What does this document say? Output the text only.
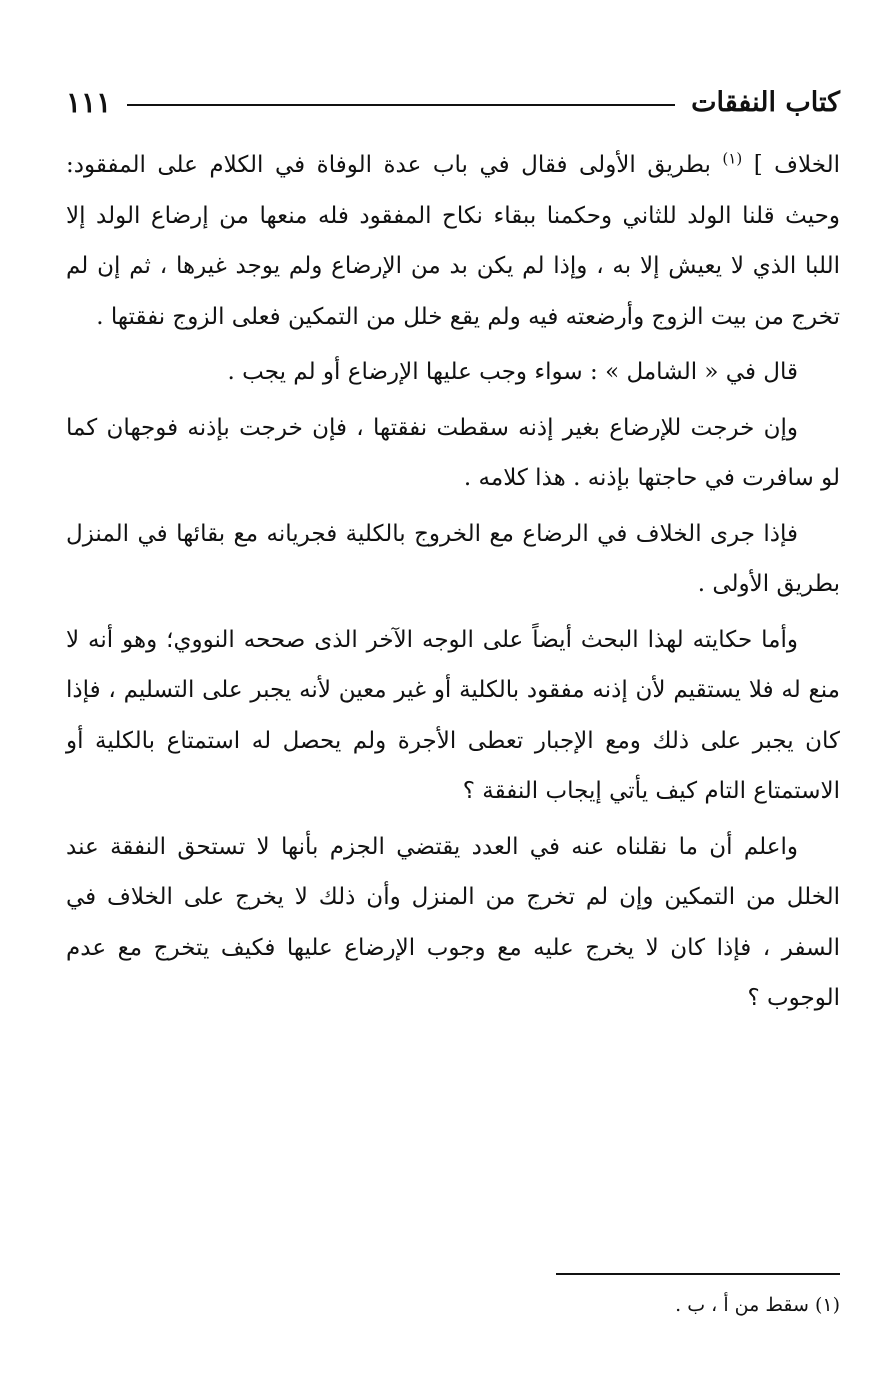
كتاب النفقات
١١١

الخلاف ] $^{(١)}$ بطريق الأولى فقال في باب عدة الوفاة في الكلام على المفقود: وحيث قلنا الولد للثاني وحكمنا ببقاء نكاح المفقود فله منعها من إرضاع الولد إلا اللبا الذي لا يعيش إلا به ، وإذا لم يكن بد من الإرضاع ولم يوجد غيرها ، ثم إن لم تخرج من بيت الزوج وأرضعته فيه ولم يقع خلل من التمكين فعلى الزوج نفقتها .

قال في « الشامل » : سواء وجب عليها الإرضاع أو لم يجب .

وإن خرجت للإرضاع بغير إذنه سقطت نفقتها ، فإن خرجت بإذنه فوجهان كما لو سافرت في حاجتها بإذنه . هذا كلامه .

فإذا جرى الخلاف في الرضاع مع الخروج بالكلية فجريانه مع بقائها في المنزل بطريق الأولى .

وأما حكايته لهذا البحث أيضاً على الوجه الآخر الذى صححه النووي؛ وهو أنه لا منع له فلا يستقيم لأن إذنه مفقود بالكلية أو غير معين لأنه يجبر على التسليم ، فإذا كان يجبر على ذلك ومع الإجبار تعطى الأجرة ولم يحصل له استمتاع بالكلية أو الاستمتاع التام كيف يأتي إيجاب النفقة ؟

واعلم أن ما نقلناه عنه في العدد يقتضي الجزم بأنها لا تستحق النفقة عند الخلل من التمكين وإن لم تخرج من المنزل وأن ذلك لا يخرج على الخلاف في السفر ، فإذا كان لا يخرج عليه مع وجوب الإرضاع عليها فكيف يتخرج مع عدم الوجوب ؟

(١) سقط من أ ، ب .
